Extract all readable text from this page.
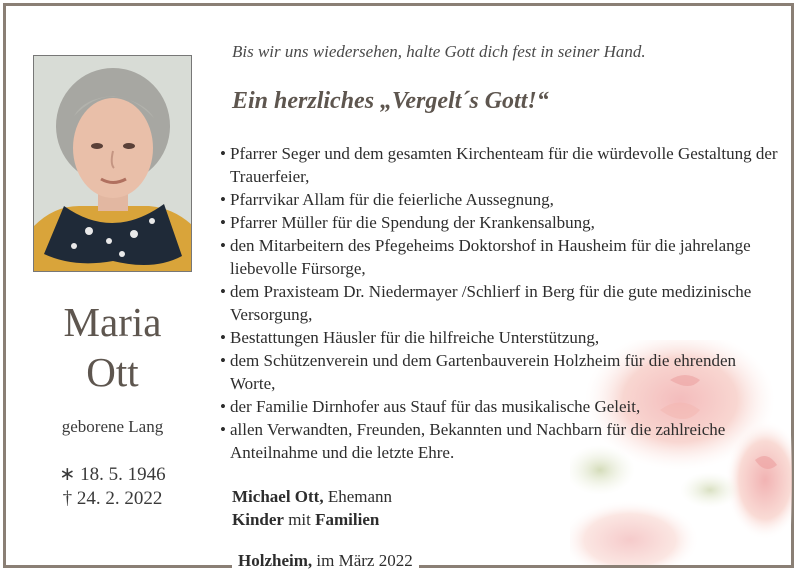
Maria
Ott
geborene Lang
∗ 18. 5. 1946
† 24. 2. 2022
Bis wir uns wiedersehen, halte Gott dich fest in seiner Hand.
Ein herzliches „Vergelt´s Gott!“
• Pfarrer Seger und dem gesamten Kirchenteam für die würdevolle Gestaltung der Trauerfeier,
• Pfarrvikar Allam für die feierliche Aussegnung,
• Pfarrer Müller für die Spendung der Krankensalbung,
• den Mitarbeitern des Pfegeheims Doktorshof in Hausheim für die jahrelange liebevolle Fürsorge,
• dem Praxisteam Dr. Niedermayer /Schlierf in Berg für die gute medizinische Versorgung,
• Bestattungen Häusler für die hilfreiche Unterstützung,
• dem Schützenverein und dem Gartenbauverein Holzheim für die ehrenden Worte,
• der Familie Dirnhofer aus Stauf für das musikalische Geleit,
• allen Verwandten, Freunden, Bekannten und Nachbarn für die zahlreiche Anteilnahme und die letzte Ehre.
Michael Ott, Ehemann
Kinder mit Familien
Holzheim, im März 2022
